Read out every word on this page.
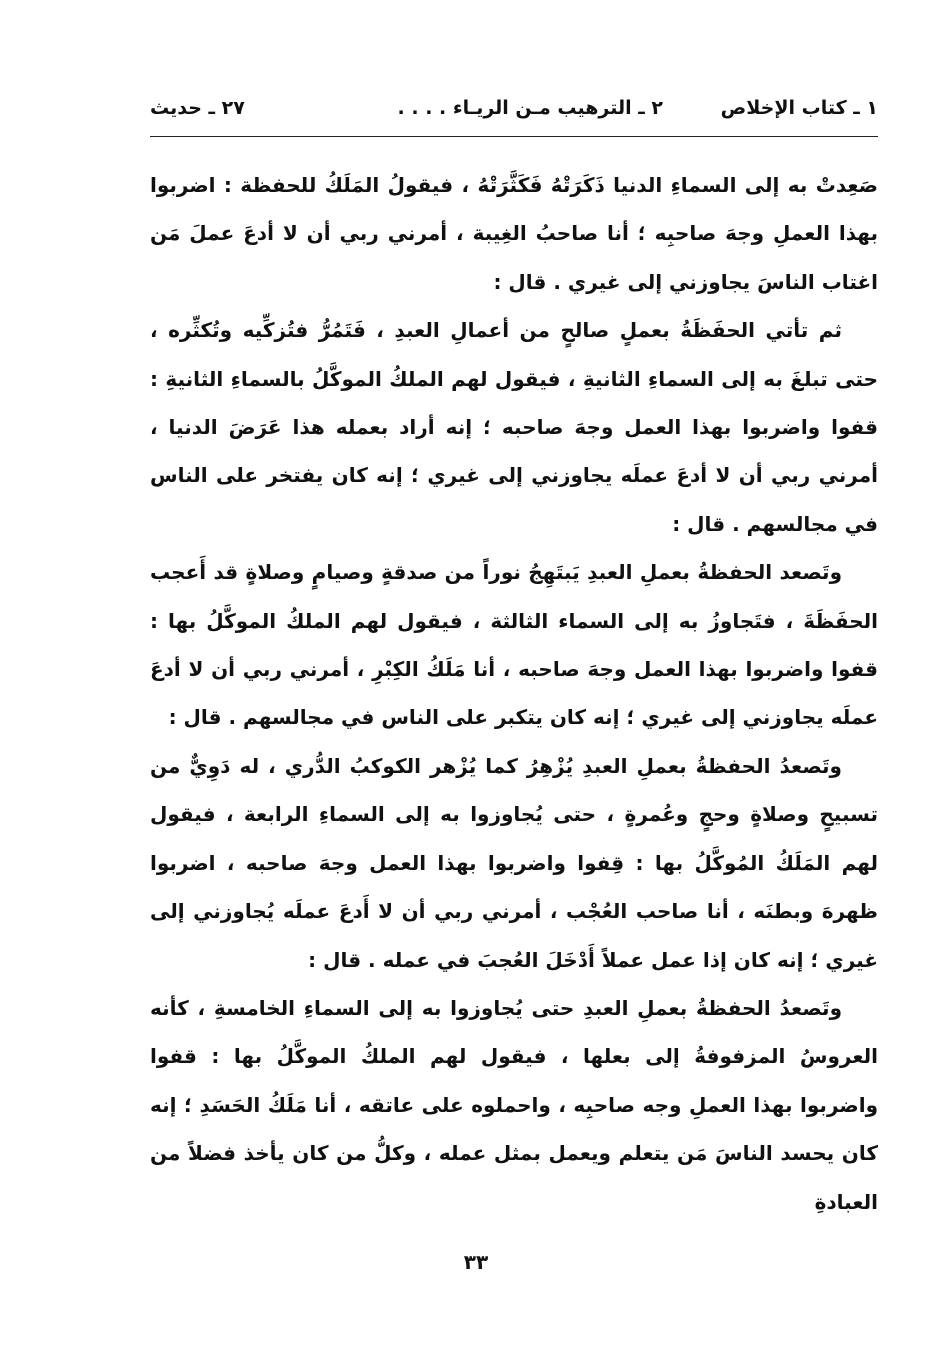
١ ـ كتاب الإخلاص
٢ ـ الترهيب مـن الريـاء . . . .
٢٧ ـ حديث

صَعِدتْ به إلى السماءِ الدنيا ذَكَرَتْهُ فَكَثَّرَتْهُ ، فيقولُ المَلَكُ للحفظة : اضربوا بهذا العملِ وجهَ صاحبِه ؛ أنا صاحبُ الغِيبة ، أمرني ربي أن لا أدعَ عملَ مَن اغتاب الناسَ يجاوزني إلى غيري . قال :

ثم تأتي الحفَظَةُ بعملٍ صالحٍ من أعمالِ العبدِ ، فَتَمُرُّ فتُزكِّيه وتُكثِّره ، حتى تبلغَ به إلى السماءِ الثانيةِ ، فيقول لهم الملكُ الموكَّلُ بالسماءِ الثانيةِ : قفوا واضربوا بهذا العمل وجهَ صاحبه ؛ إنه أراد بعمله هذا عَرَضَ الدنيا ، أمرني ربي أن لا أدعَ عملَه يجاوزني إلى غيري ؛ إنه كان يفتخر على الناس في مجالسهم . قال :

وتَصعد الحفظةُ بعملِ العبدِ يَبتَهِجُ نوراً من صدقةٍ وصيامٍ وصلاةٍ قد أَعجب الحفَظَةَ ، فتَجاوزُ به إلى السماء الثالثة ، فيقول لهم الملكُ الموكَّلُ بها : قفوا واضربوا بهذا العمل وجهَ صاحبه ، أنا مَلَكُ الكِبْرِ ، أمرني ربي أن لا أدعَ عملَه يجاوزني إلى غيري ؛ إنه كان يتكبر على الناس في مجالسهم . قال :

وتَصعدُ الحفظةُ بعملِ العبدِ يُزْهِرُ كما يُزْهر الكوكبُ الدُّري ، له دَوِيٌّ من تسبيحٍ وصلاةٍ وحجٍ وعُمرةٍ ، حتى يُجاوزوا به إلى السماءِ الرابعة ، فيقول لهم المَلَكُ المُوكَّلُ بها : قِفوا واضربوا بهذا العمل وجهَ صاحبه ، اضربوا ظهرهَ وبطنَه ، أنا صاحب العُجْب ، أمرني ربي أن لا أَدعَ عملَه يُجاوزني إلى غيري ؛ إنه كان إذا عمل عملاً أَدْخَلَ العُجبَ في عمله . قال :

وتَصعدُ الحفظةُ بعملِ العبدِ حتى يُجاوزوا به إلى السماءِ الخامسةِ ، كأنه العروسُ المزفوفةُ إلى بعلها ، فيقول لهم الملكُ الموكَّلُ بها : قفوا واضربوا بهذا العملِ وجه صاحبِه ، واحملوه على عاتقه ، أنا مَلَكُ الحَسَدِ ؛ إنه كان يحسد الناسَ مَن يتعلم ويعمل بمثل عمله ، وكلُّ من كان يأخذ فضلاً من العبادةِ

٣٣
